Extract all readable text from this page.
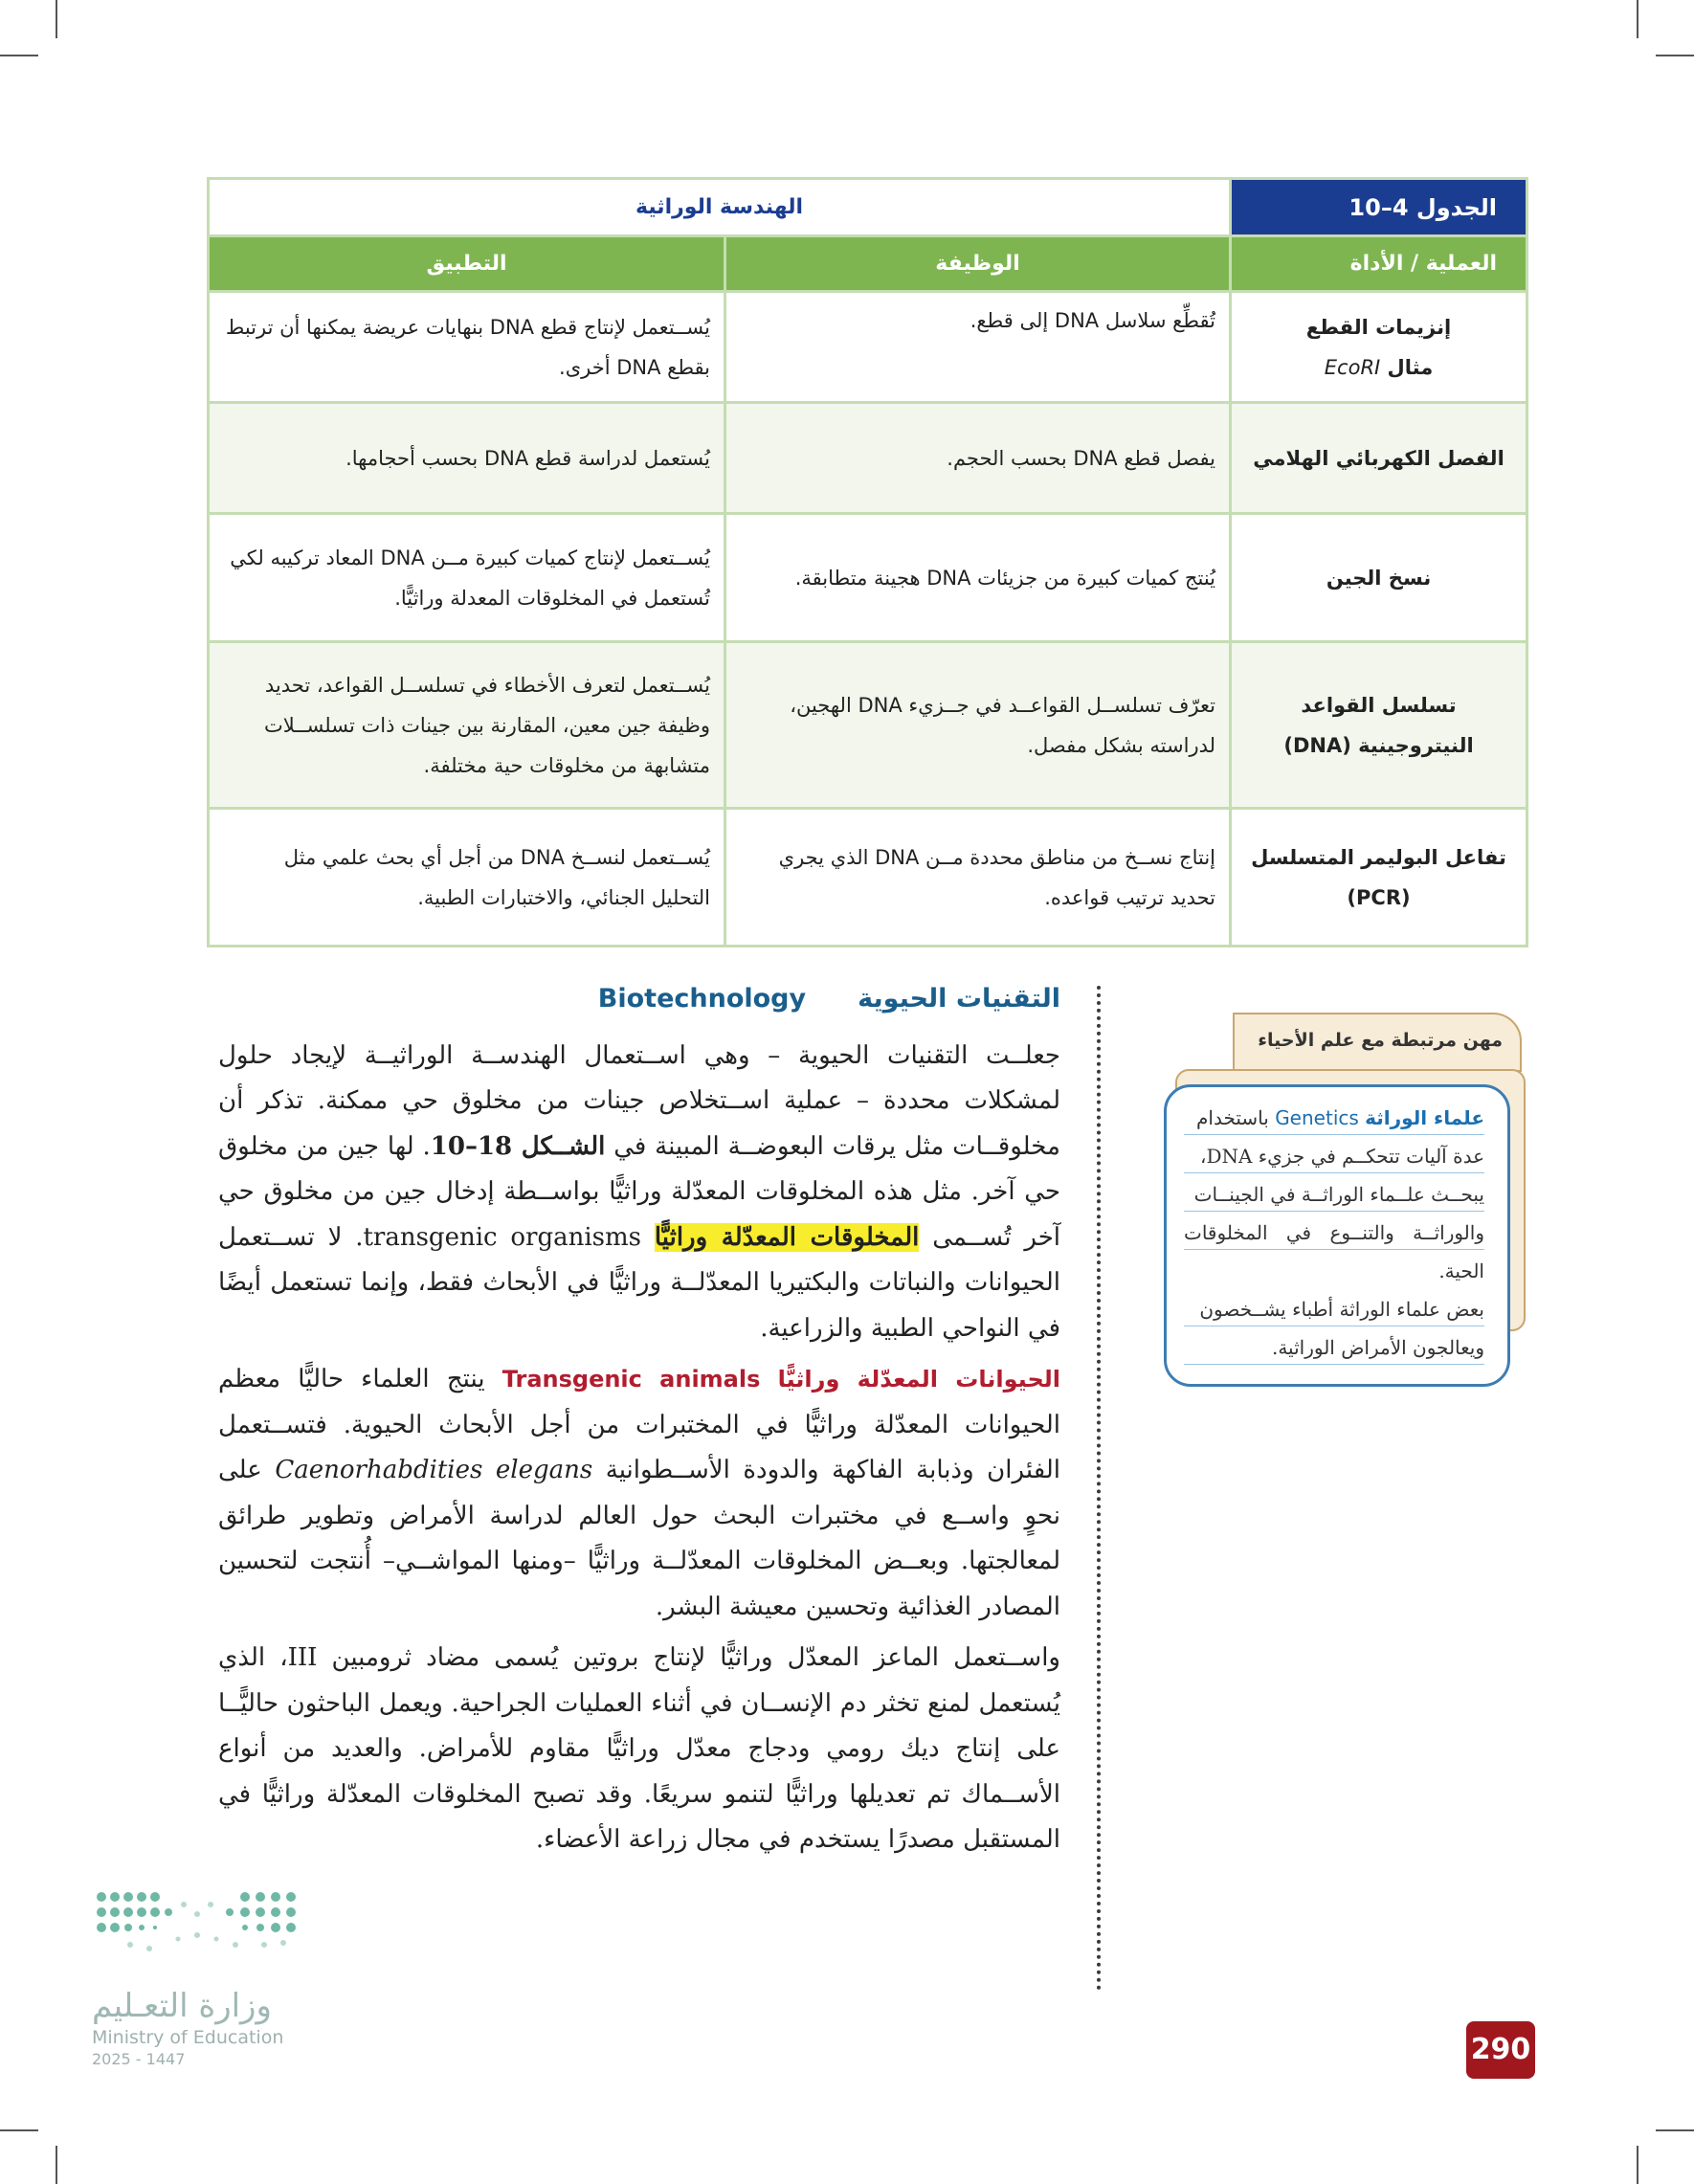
الجدول 4–10	الهندسة الوراثية	
العملية / الأداة	الوظيفة	التطبيق

إنزيمات القطع
مثال EcoRI	تُقطِّع سلاسل DNA إلى قطع.	يُســتعمل لإنتاج قطع DNA بنهايات عريضة يمكنها أن ترتبط بقطع DNA أخرى.
الفصل الكهربائي الهلامي	يفصل قطع DNA بحسب الحجم.	يُستعمل لدراسة قطع DNA بحسب أحجامها.
نسخ الجين	يُنتج كميات كبيرة من جزيئات DNA هجينة متطابقة.	يُســتعمل لإنتاج كميات كبيرة مــن DNA المعاد تركيبه لكي تُستعمل في المخلوقات المعدلة وراثيًّا.
تسلسل القواعد النيتروجينية (DNA)	تعرّف تسلســل القواعــد في جــزيء DNA الهجين، لدراسته بشكل مفصل.	يُســتعمل لتعرف الأخطاء في تسلســل القواعد، تحديد وظيفة جين معين، المقارنة بين جينات ذات تسلســلات متشابهة من مخلوقات حية مختلفة.
تفاعل البوليمر المتسلسل (PCR)	إنتاج نســخ من مناطق محددة مــن DNA الذي يجري تحديد ترتيب قواعده.	يُســتعمل لنســخ DNA من أجل أي بحث علمي مثل التحليل الجنائي، والاختبارات الطبية.

التقنيات الحيويةBiotechnology

جعلــت التقنيات الحيوية – وهي اســتعمال الهندســة الوراثيــة لإيجاد حلول لمشكلات محددة – عملية اســتخلاص جينات من مخلوق حي ممكنة. تذكر أن مخلوقــات مثل يرقات البعوضــة المبينة في الشــكل 18–10. لها جين من مخلوق حي آخر. مثل هذه المخلوقات المعدّلة وراثيًّا بواســطة إدخال جين من مخلوق حي آخر تُســمى المخلوقات المعدّلة وراثيًّا transgenic organisms. لا تســتعمل الحيوانات والنباتات والبكتيريا المعدّلــة وراثيًّا في الأبحاث فقط، وإنما تستعمل أيضًا في النواحي الطبية والزراعية.

الحيوانات المعدّلة وراثيًّا Transgenic animals ينتج العلماء حاليًّا معظم الحيوانات المعدّلة وراثيًّا في المختبرات من أجل الأبحاث الحيوية. فتســتعمل الفئران وذبابة الفاكهة والدودة الأســطوانية Caenorhabdities elegans على نحوٍ واســع في مختبرات البحث حول العالم لدراسة الأمراض وتطوير طرائق لمعالجتها. وبعــض المخلوقات المعدّلــة وراثيًّا –ومنها المواشــي– أُنتجت لتحسين المصادر الغذائية وتحسين معيشة البشر.

واســتعمل الماعز المعدّل وراثيًّا لإنتاج بروتين يُسمى مضاد ثرومبين III، الذي يُستعمل لمنع تخثر دم الإنســان في أثناء العمليات الجراحية. ويعمل الباحثون حاليًّــا على إنتاج ديك رومي ودجاج معدّل وراثيًّا مقاوم للأمراض. والعديد من أنواع الأســماك تم تعديلها وراثيًّا لتنمو سريعًا. وقد تصبح المخلوقات المعدّلة وراثيًّا في المستقبل مصدرًا يستخدم في مجال زراعة الأعضاء.

مهن مرتبطة مع علم الأحياء
علماء الوراثة Genetics باستخدام
عدة آليات تتحكــم في جزيء DNA،
يبحــث علــماء الوراثــة في الجينــات
والوراثــة والتنــوع في المخلوقات الحية.
بعض علماء الوراثة أطباء يشــخصون
ويعالجون الأمراض الوراثية.
وزارة التعـليم
Ministry of Education
2025 - 1447	290
